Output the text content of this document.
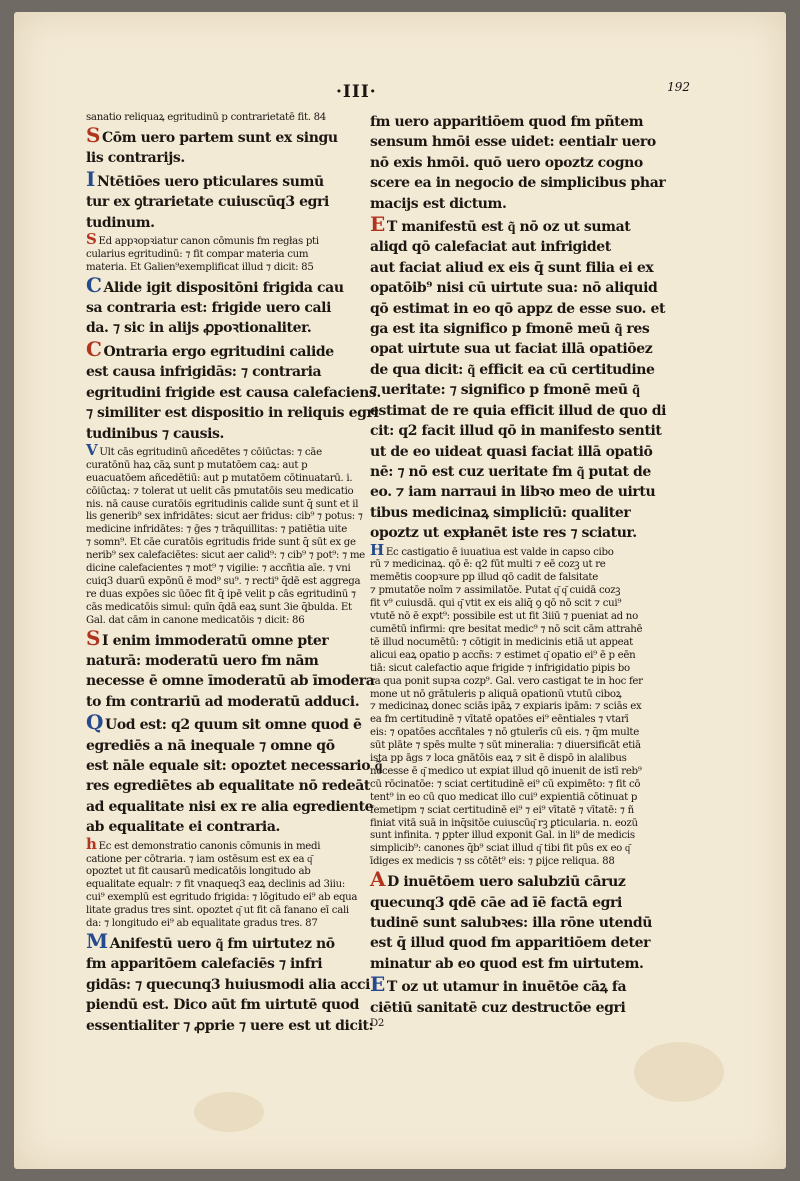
·III·	192

sanatio reliquaꝝ egritudinū p contrarietatē fit. 84

S Cōm uero partem sunt ex singu

lis contrarijs.

I Ntētiōes uero pticulares sumū

tur ex ꝯtrarietate cuiuscūq3 egri

tudinum.

S Ed appꝛopꝛiatur canon cōmunis fm regłas pti

cularius egritudinū: ⁊ fit compar materia cum

materia. Et Galien⁹exemplificat illud ⁊ dicit: 85

C Alide igit dispositōni frigida cau

sa contraria est: frigide uero cali

da. ⁊ sic in alijs ꝓpoꝛtionaliter.

C Ontraria ergo egritudini calide

est causa infrigidās: ⁊ contraria

egritudini frigide est causa calefaciens.

⁊ similiter est dispositio in reliquis egri

tudinibus ⁊ causis.

V Ult cās egritudinū añcedētes ⁊ cōiūctas: ⁊ cāe

curatōnū haꝝ cāꝝ sunt p mutatōem caꝝ: aut p

euacuatōem añcedētiū: aut p mutatōem cōtinuatarū. i.

cōiūctaꝝ: ⁊ tolerat ut uelit cās pmutatōis seu medicatio

nis. nā cause curatōis egritudinis calide sunt q̄ sunt et il

lis generib⁹ sex infridātes: sicut aer fridus: cib⁹ ⁊ potus: ⁊

medicine infridātes: ⁊ ḡes ⁊ trāquillitas: ⁊ patiētia uite

⁊ somn⁹. Et cāe curatōis egritudis fride sunt q̄ sūt ex ge

nerib⁹ sex calefaciētes: sicut aer calid⁹: ⁊ cib⁹ ⁊ pot⁹: ⁊ me

dicine calefacientes ⁊ mot⁹ ⁊ vigilie: ⁊ accñtia aīe. ⁊ vni

cuiq3 duarū expōnū ē mod⁹ su⁹. ⁊ recti⁹ q̄dē est aggrega

re duas expōes sic ūōec fit q̄ ipē velit p cās egritudinū ⁊

cās medicatōis simul: quīn q̄dā eaꝝ sunt 3ie q̄bulda. Et

Gal. dat cām in canone medicatōis ⁊ dicit: 86

S I enim immoderatū omne pter

naturā: moderatū uero fm nām

necesse ē omne īmoderatū ab īmodera

to fm contrariū ad moderatū adduci.

Q Uod est: q2 quum sit omne quod ē

egrediēs a nā inequale ⁊ omne qō

est nāle equale sit: opoztet necessario q͂

res egrediētes ab equalitate nō redeāt

ad equalitate nisi ex re alia egrediente

ab equalitate ei contraria.

h Ec est demonstratio canonis cōmunis in medi

catione per cōtraria. ⁊ iam ostēsum est ex ea q͂

opoztet ut fit causarū medicatōis longitudo ab

equalitate equalr: ⁊ fit vnaqueq3 eaꝝ declinis ad 3iiu:

cui⁹ exemplū est egritudo frigida: ⁊ lōgitudo ei⁹ ab equa

litate gradus tres sint. opoztet q͂ ut fit cā fanano eī cali

da: ⁊ longitudo ei⁹ ab equalitate gradus tres. 87

M Anifestū uero q͂ fm uirtutez nō

fm apparitōem calefaciēs ⁊ infri

gidās: ⁊ quecunq3 huiusmodi alia acci

piendū est. Dico aūt fm uirtutē quod

essentialiter ⁊ ꝓprie ⁊ uere est ut dicit:

fm uero apparitiōem quod fm pñtem

sensum hmōi esse uidet: eentialr uero

nō exis hmōi. quō uero opoztz cogno

scere ea in negocio de simplicibus phar

macijs est dictum.

E T manifestū est q͂ nō oz ut sumat

aliqd qō calefaciat aut infrigidet

aut faciat aliud ex eis q̄ sunt filia ei ex

opatōib⁹ nisi cū uirtute sua: nō aliquid

qō estimat in eo qō appz de esse suo. et

ga est ita significo p fmonē meū q͂ res

opat uirtute sua ut faciat illā opatiōez

de qua dicit: q͂ efficit ea cū certitudine

⁊ ueritate: ⁊ significo p fmonē meū q͂

estimat de re quia efficit illud de quo di

cit: q2 facit illud qō in manifesto sentit

ut de eo uideat quasi faciat illā opatiō

nē: ⁊ nō est cuz ueritate fm q͂ putat de

eo. ⁊ iam narraui in libꝛo meo de uirtu

tibus medicinaꝝ simpliciū: qualiter

opoztz ut expłanēt iste res ⁊ sciatur.

H Ec castigatio ē iuuatiua est valde in capso cibo

rū ⁊ medicinaꝝ. qō ē: q2 fūt multi ⁊ eē cozꝫ ut re

memētis coopꝛure pp illud qō cadit de falsitate

⁊ pmutatōe noīm ⁊ assimilatōe. Putat q͂ q͂ cuidā cozꝫ

fit v⁹ cuiusdā. qui q͂ vtit ex eis aliq̄ ꝯ qō nō scit ⁊ cui⁹

vtutē nō ē expt⁹: possibile est ut fit 3iiū ⁊ pueniat ad no

cumētū infirmi: qre besitat medic⁹ ⁊ nō scit cām attrahē

tē illud nocumētū: ⁊ cōtigit in medicinis etiā ut appeat

alicui eaꝝ opatio p accñs: ⁊ estimet q͂ opatio ei⁹ ē p eēn

tiā: sicut calefactio aque frigide ⁊ infrigidatio pipis bo

ra qua ponit supꝛa cozp⁹. Gal. vero castigat te in hoc fer

mone ut nō grātuleris p aliquā opationū vtutū ciboꝝ

⁊ medicinaꝝ donec sciās ipāꝝ ⁊ expiaris ipām: ⁊ sciās ex

ea fm certitudinē ⁊ vītatē opatōes ei⁹ eēntiales ⁊ vtarī

eis: ⁊ opatōes accñtales ⁊ nō gtulerīs cū eis. ⁊ q̄m multe

sūt plāte ⁊ spēs multe ⁊ sūt mineralia: ⁊ diuersificāt etiā

ista pp āgs ⁊ loca gnātōis eaꝝ ⁊ sit ē dispō in alalibus

necesse ē q͂ medico ut expiat illud qō inuenit de istī reb⁹

cū rōcinatōe: ⁊ sciat certitudinē ei⁹ cū expimēto: ⁊ fit cō

tent⁹ in eo cū quo medicat illo cui⁹ expientiā cōtinuat p

femetipm ⁊ sciat certitudinē ei⁹ ⁊ ei⁹ vītatē ⁊ vītatē: ⁊ ñ

finiat vitā suā in inq̄sitōe cuiuscūq͂ rꝫ ꝑticularia. n. eozū

sunt infinita. ⁊ ꝑpter illud exponit Gal. in li⁹ de medicis

simplicib⁹: canones q̄b⁹ sciat illud q͂ tibi fit pūs ex eo q͂

īdiges ex medicis ⁊ ss cōtēt⁹ eis: ⁊ ꝑijce reliqua. 88

A D inuētōem uero salubziū cāruz

quecunq3 qdē cāe ad īē factā egri

tudinē sunt salubꝛes: illa rōne utendū

est q̄ illud quod fm apparitiōem deter

minatur ab eo quod est fm uirtutem.

E T oz ut utamur in inuētōe cāꝝ fa

ciētiū sanitatē cuz destructōe egri

D2
